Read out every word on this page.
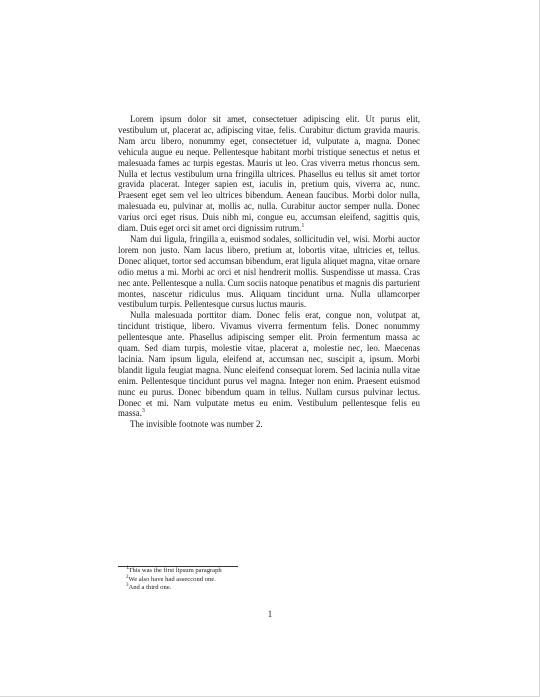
Lorem ipsum dolor sit amet, consectetuer adipiscing elit. Ut purus elit, vestibulum ut, placerat ac, adipiscing vitae, felis. Curabitur dictum gravida mauris. Nam arcu libero, nonummy eget, consectetuer id, vulputate a, magna. Donec vehicula augue eu neque. Pellentesque habitant morbi tristique senectus et netus et malesuada fames ac turpis egestas. Mauris ut leo. Cras viverra metus rhoncus sem. Nulla et lectus vestibulum urna fringilla ultrices. Phasellus eu tellus sit amet tortor gravida placerat. Integer sapien est, iaculis in, pretium quis, viverra ac, nunc. Praesent eget sem vel leo ultrices bibendum. Aenean faucibus. Morbi dolor nulla, malesuada eu, pulvinar at, mollis ac, nulla. Curabitur auctor semper nulla. Donec varius orci eget risus. Duis nibh mi, congue eu, accumsan eleifend, sagittis quis, diam. Duis eget orci sit amet orci dignissim rutrum.$^1$

Nam dui ligula, fringilla a, euismod sodales, sollicitudin vel, wisi. Morbi auctor lorem non justo. Nam lacus libero, pretium at, lobortis vitae, ultricies et, tellus. Donec aliquet, tortor sed accumsan bibendum, erat ligula aliquet magna, vitae ornare odio metus a mi. Morbi ac orci et nisl hendrerit mollis. Suspendisse ut massa. Cras nec ante. Pellentesque a nulla. Cum sociis natoque penatibus et magnis dis parturient montes, nascetur ridiculus mus. Aliquam tincidunt urna. Nulla ullamcorper vestibulum turpis. Pellentesque cursus luctus mauris.

Nulla malesuada porttitor diam. Donec felis erat, congue non, volutpat at, tincidunt tristique, libero. Vivamus viverra fermentum felis. Donec nonummy pellentesque ante. Phasellus adipiscing semper elit. Proin fermentum massa ac quam. Sed diam turpis, molestie vitae, placerat a, molestie nec, leo. Maecenas lacinia. Nam ipsum ligula, eleifend at, accumsan nec, suscipit a, ipsum. Morbi blandit ligula feugiat magna. Nunc eleifend consequat lorem. Sed lacinia nulla vitae enim. Pellentesque tincidunt purus vel magna. Integer non enim. Praesent euismod nunc eu purus. Donec bibendum quam in tellus. Nullam cursus pulvinar lectus. Donec et mi. Nam vulputate metus eu enim. Vestibulum pellentesque felis eu massa.$^3$

The invisible footnote was number 2.

$^1$This was the first lipsum paragraph
$^2$We also have had asseccond one.
$^3$And a third one.
1
